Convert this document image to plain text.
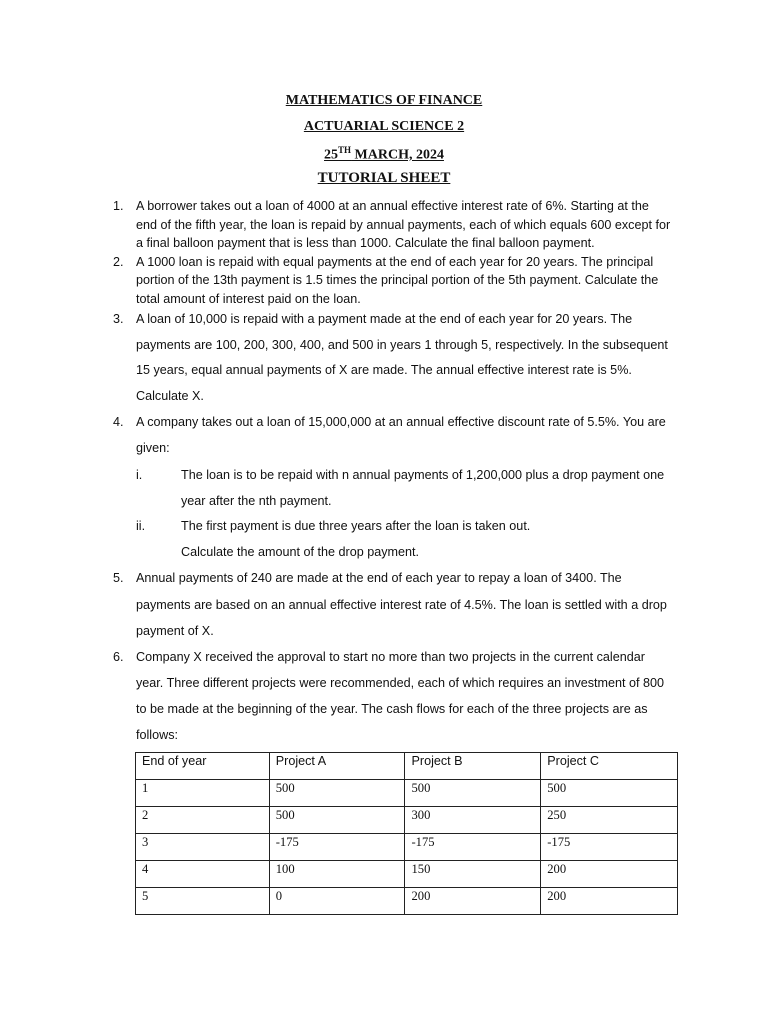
MATHEMATICS OF FINANCE
ACTUARIAL SCIENCE 2
25TH MARCH, 2024
TUTORIAL SHEET
1. A borrower takes out a loan of 4000 at an annual effective interest rate of 6%. Starting at the
end of the fifth year, the loan is repaid by annual payments, each of which equals 600 except for
a final balloon payment that is less than 1000. Calculate the final balloon payment.
2. A 1000 loan is repaid with equal payments at the end of each year for 20 years. The principal
portion of the 13th payment is 1.5 times the principal portion of the 5th payment. Calculate the
total amount of interest paid on the loan.
3. A loan of 10,000 is repaid with a payment made at the end of each year for 20 years. The
payments are 100, 200, 300, 400, and 500 in years 1 through 5, respectively. In the subsequent
15 years, equal annual payments of X are made. The annual effective interest rate is 5%.
Calculate X.
4. A company takes out a loan of 15,000,000 at an annual effective discount rate of 5.5%. You are
given:
i.	The loan is to be repaid with n annual payments of 1,200,000 plus a drop payment one
year after the nth payment.
ii.	The first payment is due three years after the loan is taken out.
Calculate the amount of the drop payment.
5. Annual payments of 240 are made at the end of each year to repay a loan of 3400. The
payments are based on an annual effective interest rate of 4.5%. The loan is settled with a drop
payment of X.
6. Company X received the approval to start no more than two projects in the current calendar
year. Three different projects were recommended, each of which requires an investment of 800
to be made at the beginning of the year. The cash flows for each of the three projects are as
follows:
End of year	Project A	Project B	Project C
1	500	500	500
2	500	300	250
3	-175	-175	-175
4	100	150	200
5	0	200	200
